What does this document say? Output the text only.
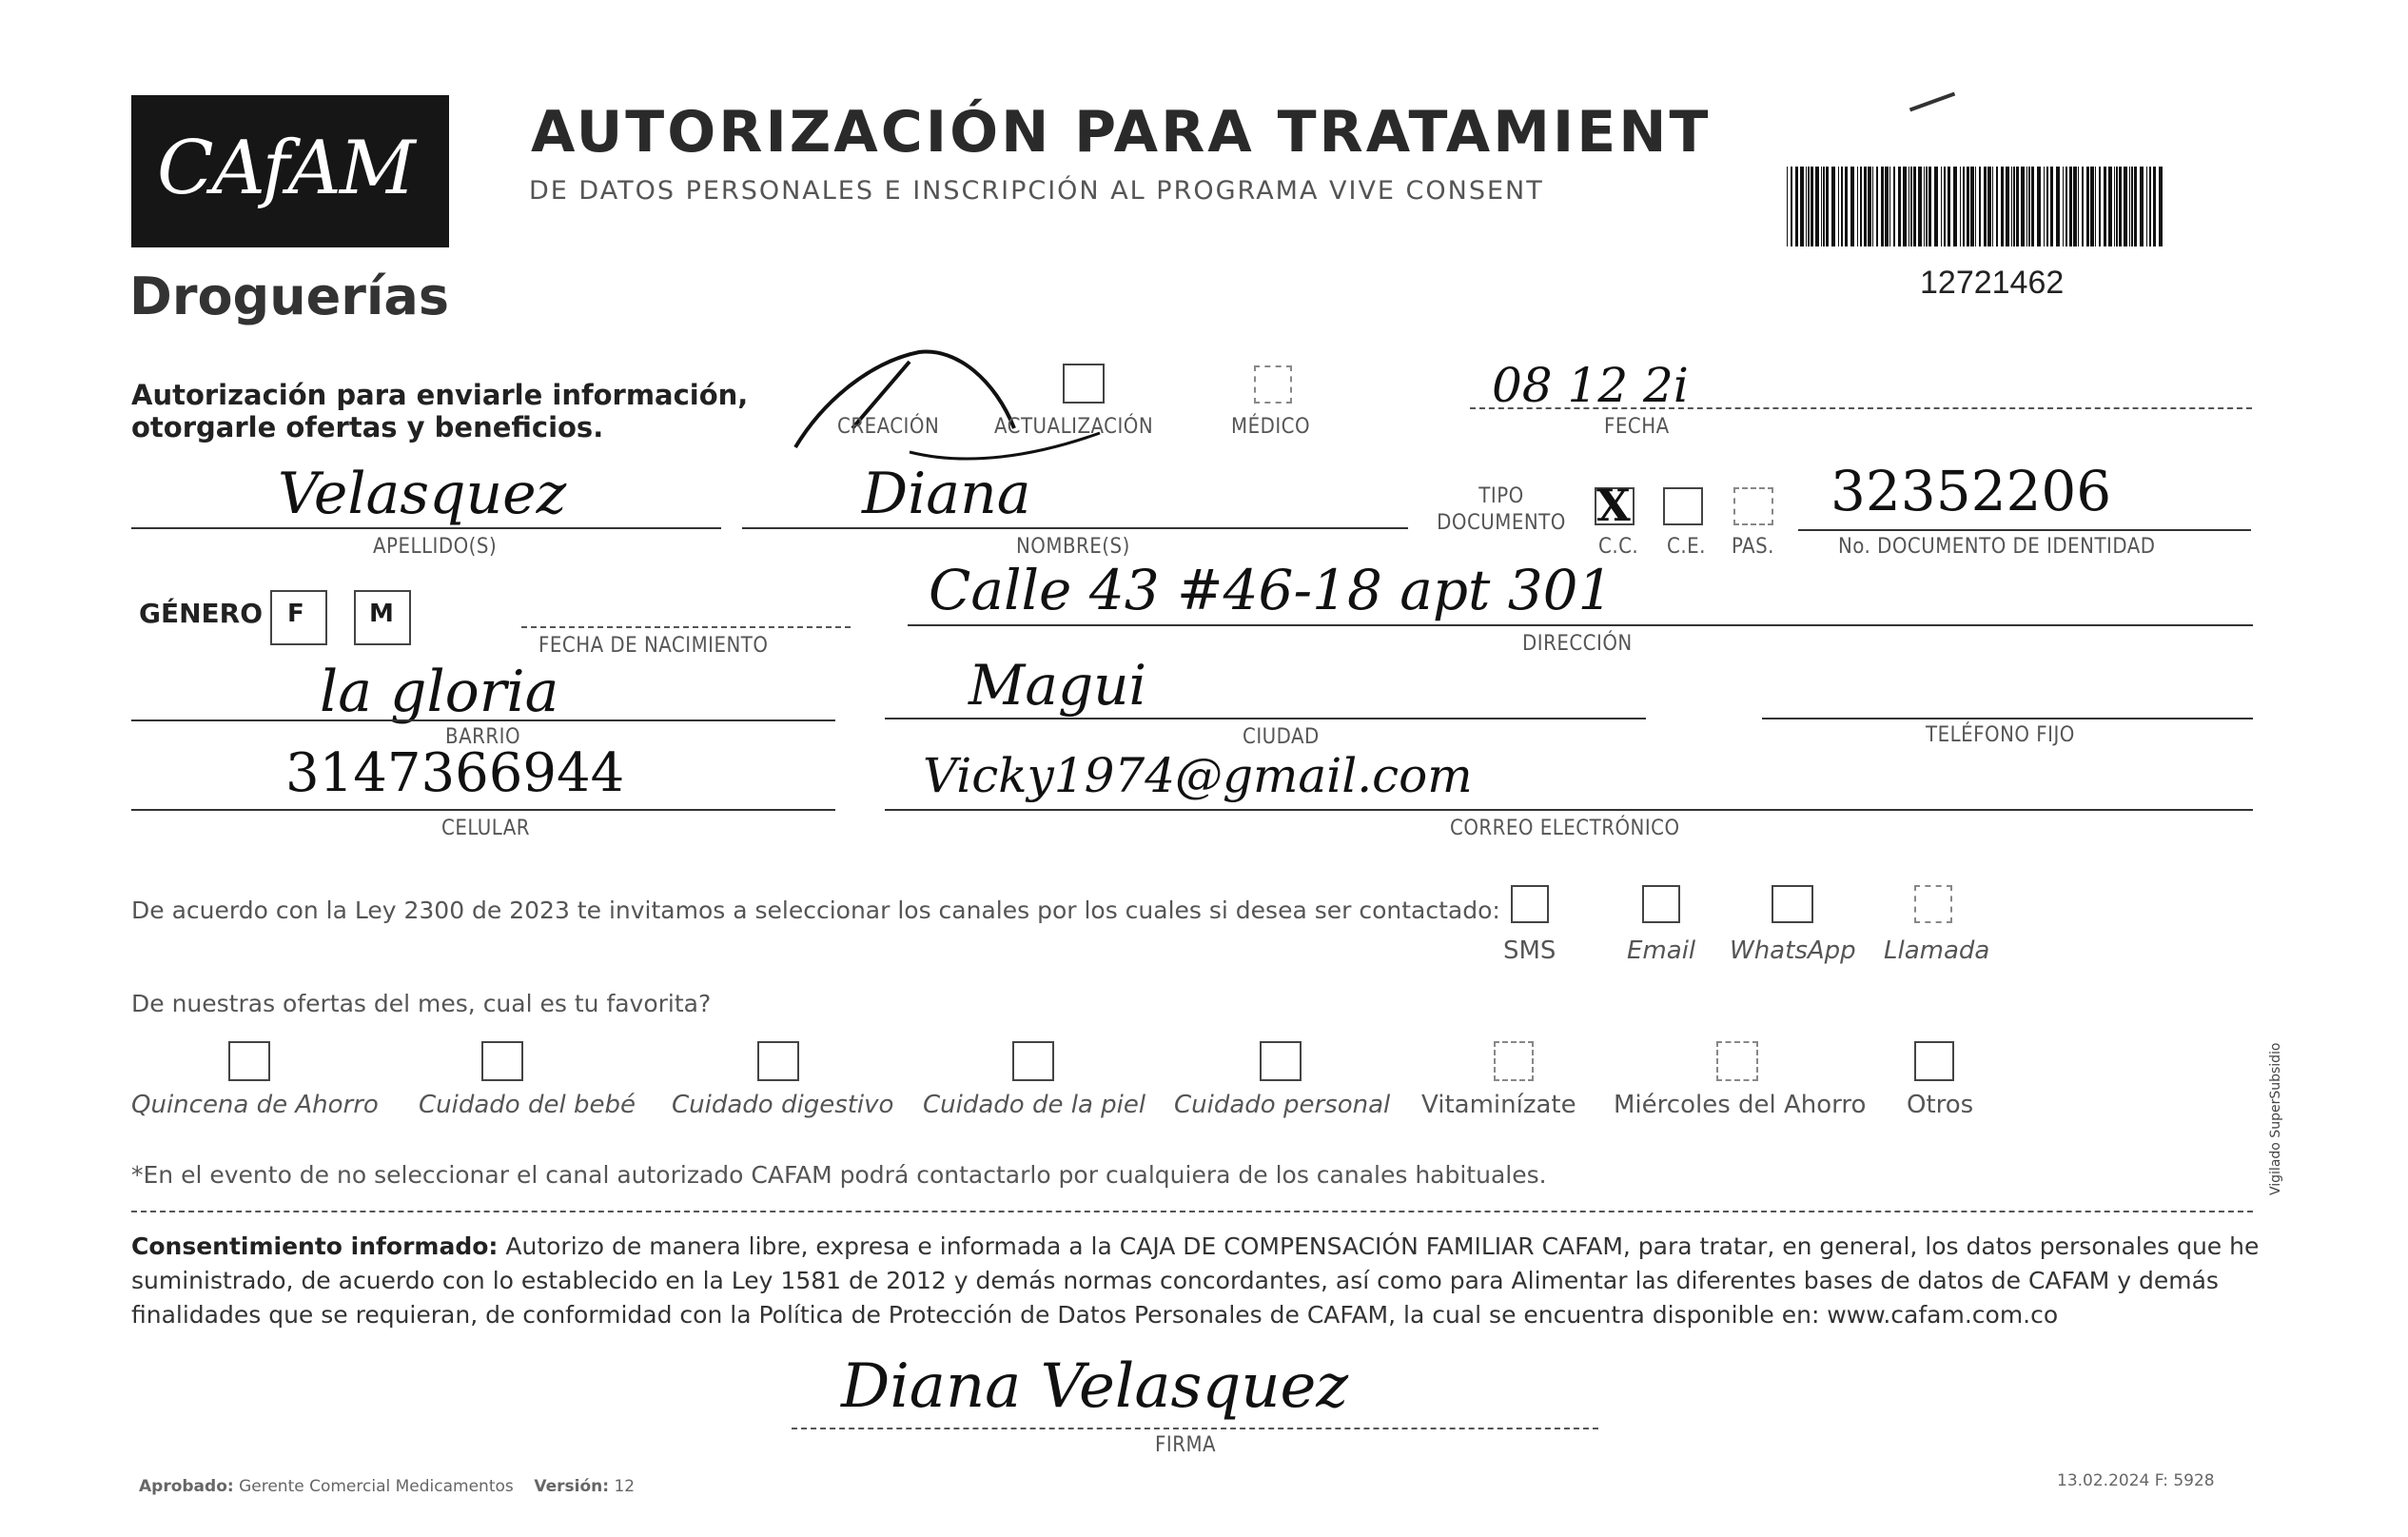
CAfAM
Droguerías
AUTORIZACIÓN PARA TRATAMIENT
DE DATOS PERSONALES E INSCRIPCIÓN AL PROGRAMA VIVE CONSENT
12721462
Autorización para enviarle información,
otorgarle ofertas y beneficios.	CREACIÓN	ACTUALIZACIÓN	MÉDICO
08 12 2i
FECHA
Velasquez
APELLIDO(S)
Diana
NOMBRE(S)
TIPO DOCUMENTO X
C.C. C.E. PAS.
32352206
No. DOCUMENTO DE IDENTIDAD
GÉNERO F	M
FECHA DE NACIMIENTO
Calle 43 #46-18 apt 301
DIRECCIÓN
la gloria
BARRIO
Magui
CIUDAD	TELÉFONO FIJO
3147366944
CELULAR
Vicky1974@gmail.com
CORREO ELECTRÓNICO
De acuerdo con la Ley 2300 de 2023 te invitamos a seleccionar los canales por los cuales si desea ser contactado:
SMS	Email WhatsApp Llamada
De nuestras ofertas del mes, cual es tu favorita?
Quincena de Ahorro Cuidado del bebé Cuidado digestivo Cuidado de la piel Cuidado personal Vitaminízate Miércoles del Ahorro Otros
*En el evento de no seleccionar el canal autorizado CAFAM podrá contactarlo por cualquiera de los canales habituales.
Consentimiento informado: Autorizo de manera libre, expresa e informada a la CAJA DE COMPENSACIÓN FAMILIAR CAFAM, para tratar, en general, los datos personales que he
suministrado, de acuerdo con lo establecido en la Ley 1581 de 2012 y demás normas concordantes, así como para Alimentar las diferentes bases de datos de CAFAM y demás
finalidades que se requieran, de conformidad con la Política de Protección de Datos Personales de CAFAM, la cual se encuentra disponible en: www.cafam.com.co
Diana Velasquez
FIRMA
Aprobado: Gerente Comercial Medicamentos Versión: 12	13.02.2024 F: 5928
Vigilado SuperSubsidio
